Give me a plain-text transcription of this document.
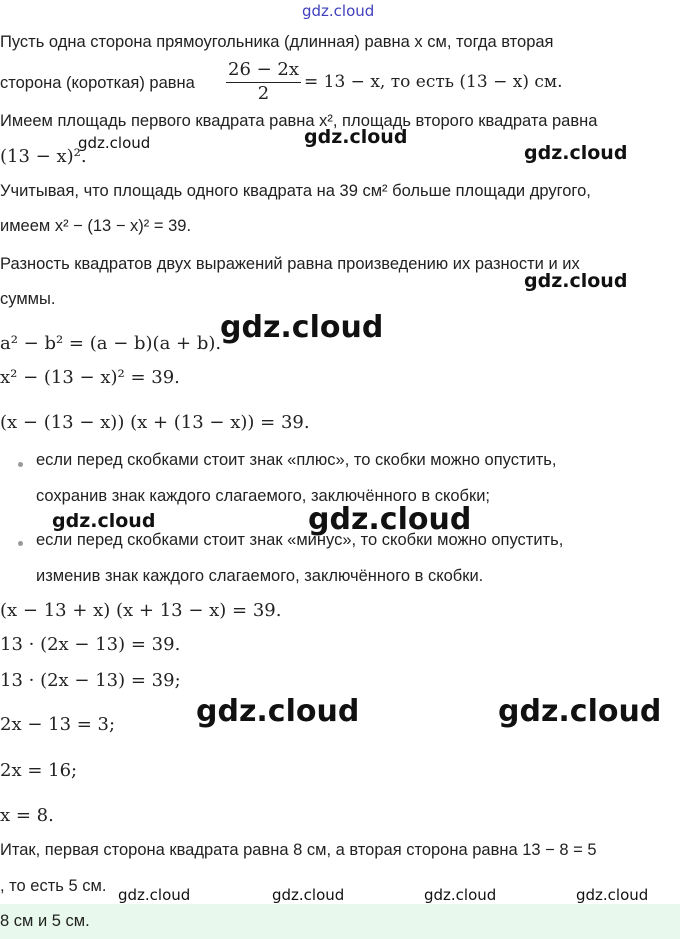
gdz.cloud
Пусть одна сторона прямоугольника (длинная) равна x см, тогда вторая
сторона (короткая) равна $\frac{26 - 2x}{2} = 13 - x$, то есть (13 − x) см.
Имеем площадь первого квадрата равна x², площадь второго квадрата равна
(13 − x)².
Учитывая, что площадь одного квадрата на 39 см² больше площади другого,
имеем x² − (13 − x)² = 39.
Разность квадратов двух выражений равна произведению их разности и их
суммы.
a² − b² = (a − b)(a + b).
x² − (13 − x)² = 39.
(x − (13 − x)) (x + (13 − x)) = 39.
если перед скобками стоит знак «плюс», то скобки можно опустить,
сохранив знак каждого слагаемого, заключённого в скобки;
если перед скобками стоит знак «минус», то скобки можно опустить,
изменив знак каждого слагаемого, заключённого в скобки.
(x − 13 + x) (x + 13 − x) = 39.
13 · (2x − 13) = 39.
13 · (2x − 13) = 39;
2x − 13 = 3;
2x = 16;
x = 8.
Итак, первая сторона квадрата равна 8 см, а вторая сторона равна 13 − 8 = 5
, то есть 5 см.
8 см и 5 см.
gdz.cloud	gdz.cloud
gdz.cloud
gdz.cloud
gdz.cloud
gdz.cloud	gdz.cloud
gdz.cloud	gdz.cloud
gdz.cloud	gdz.cloud	gdz.cloud	gdz.cloud
